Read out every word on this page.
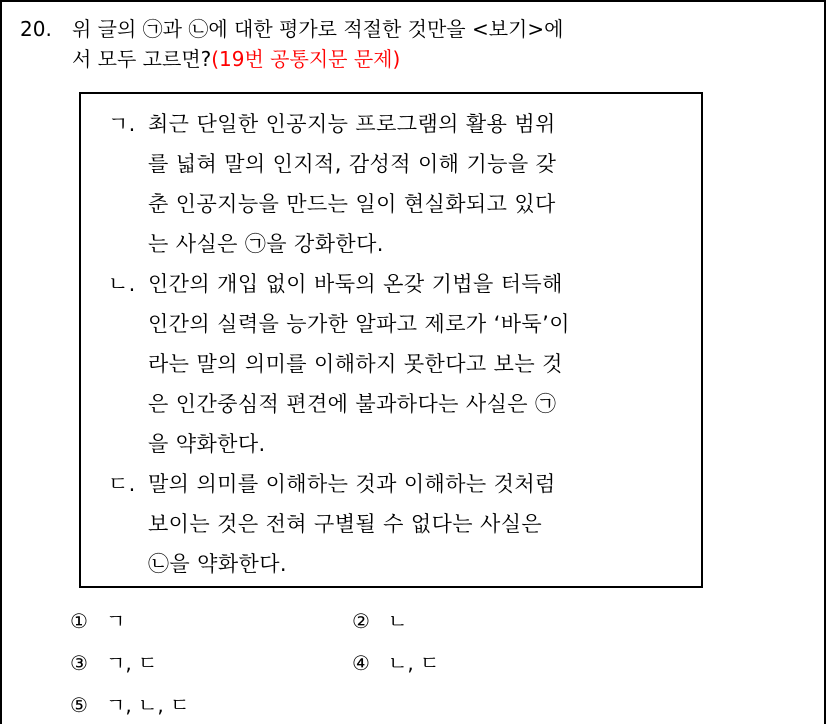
20. 위 글의 ㉠과 ㉡에 대한 평가로 적절한 것만을 <보기>에
서 모두 고르면?(19번 공통지문 문제)
ㄱ. 최근 단일한 인공지능 프로그램의 활용 범위
를 넓혀 말의 인지적, 감성적 이해 기능을 갖
춘 인공지능을 만드는 일이 현실화되고 있다
는 사실은 ㉠을 강화한다.
ㄴ. 인간의 개입 없이 바둑의 온갖 기법을 터득해
인간의 실력을 능가한 알파고 제로가 ‘바둑’이
라는 말의 의미를 이해하지 못한다고 보는 것
은 인간중심적 편견에 불과하다는 사실은 ㉠
을 약화한다.
ㄷ. 말의 의미를 이해하는 것과 이해하는 것처럼
보이는 것은 전혀 구별될 수 없다는 사실은
㉡을 약화한다.
① ㄱ	② ㄴ
③ ㄱ, ㄷ	④ ㄴ, ㄷ
⑤ ㄱ, ㄴ, ㄷ
